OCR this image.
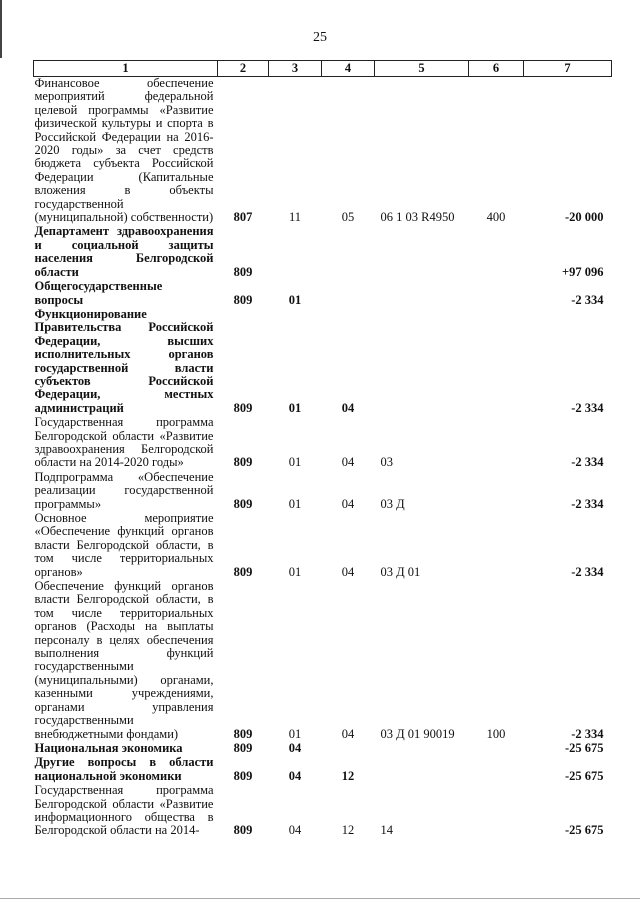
25
1	2	3	4	5	6	7
Финансовое обеспечение мероприятий федеральной целевой программы «Развитие физической культуры и спорта в Российской Федерации на 2016-2020 годы» за счет средств бюджета субъекта Российской Федерации (Капитальные вложения в объекты государственной (муниципальной) собственности)	807	11	05	06 1 03 R4950	400	-20 000
Департамент здравоохранения и социальной защиты населения Белгородской области	809					+97 096
Общегосударственные вопросы	809	01				-2 334
Функционирование Правительства Российской Федерации, высших исполнительных органов государственной власти субъектов Российской Федерации, местных администраций	809	01	04			-2 334
Государственная программа Белгородской области «Развитие здравоохранения Белгородской области на 2014-2020 годы»	809	01	04	03		-2 334
Подпрограмма «Обеспечение реализации государственной программы»	809	01	04	03 Д		-2 334
Основное мероприятие «Обеспечение функций органов власти Белгородской области, в том числе территориальных органов»	809	01	04	03 Д 01		-2 334
Обеспечение функций органов власти Белгородской области, в том числе территориальных органов (Расходы на выплаты персоналу в целях обеспечения выполнения функций государственными (муниципальными) органами, казенными учреждениями, органами управления государственными внебюджетными фондами)	809	01	04	03 Д 01 90019	100	-2 334
Национальная экономика	809	04				-25 675
Другие вопросы в области национальной экономики	809	04	12			-25 675
Государственная программа Белгородской области «Развитие информационного общества в Белгородской области на 2014-	809	04	12	14		-25 675
